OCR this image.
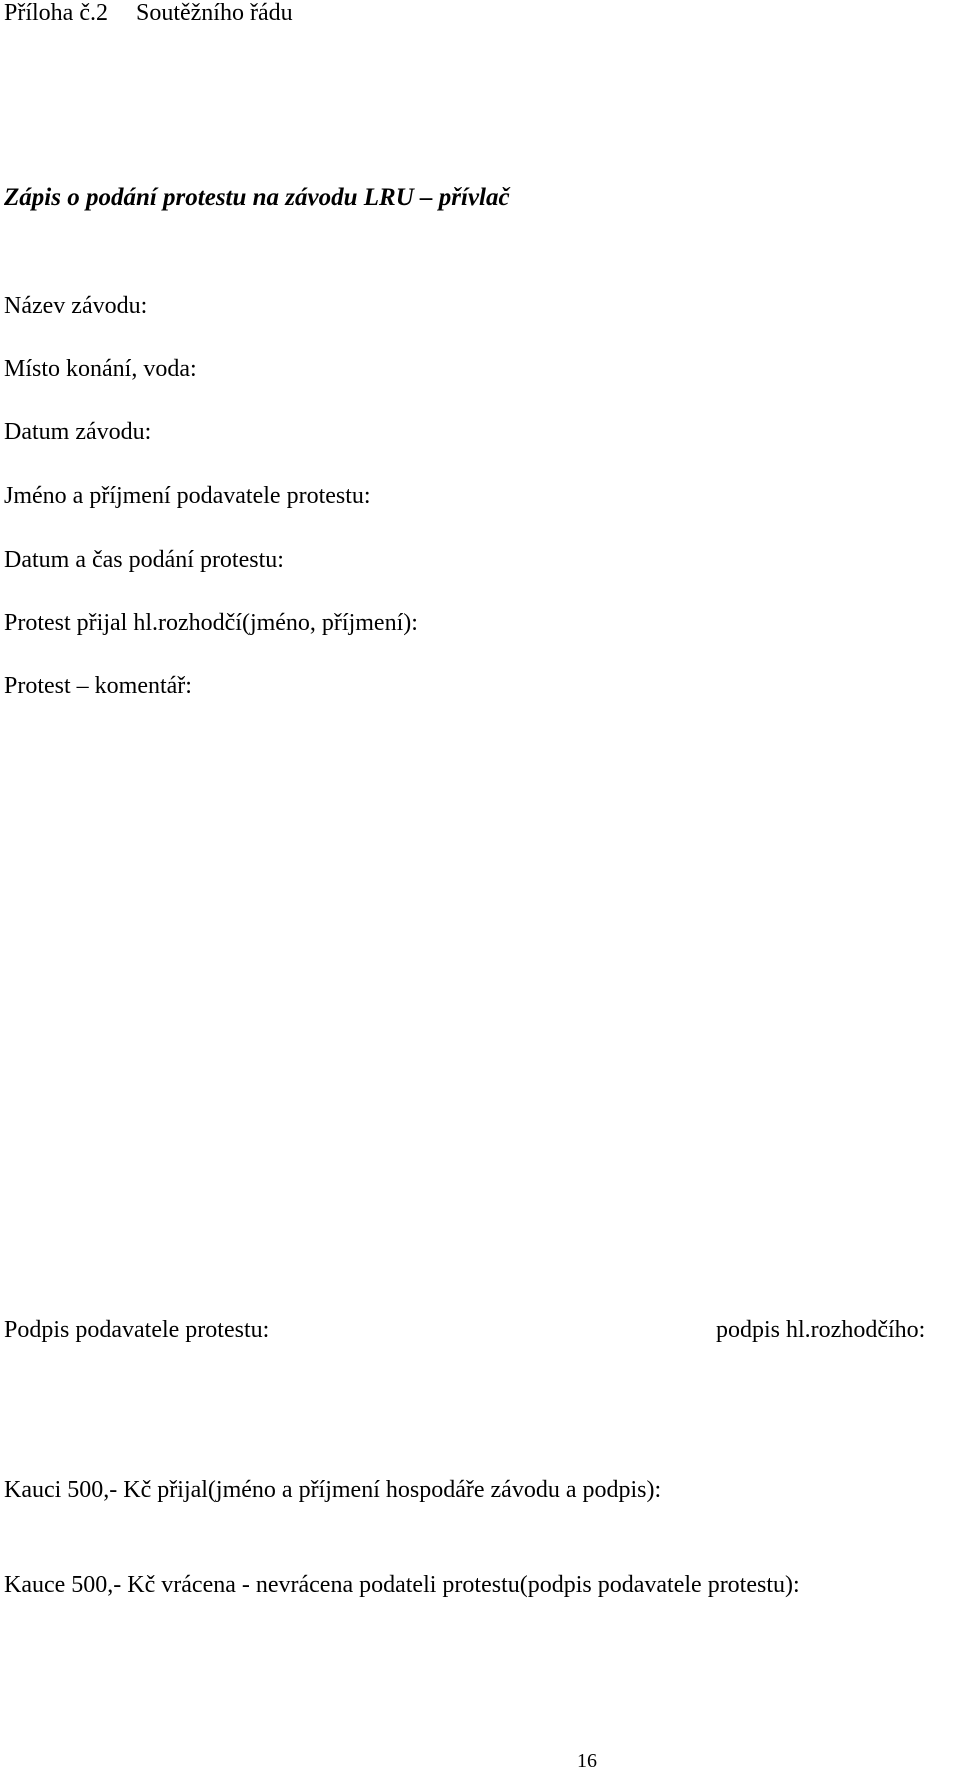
Příloha č.2 Soutěžního řádu
Zápis o podání protestu na závodu LRU – přívlač
Název závodu:
Místo konání, voda:
Datum závodu:
Jméno a příjmení podavatele protestu:
Datum a čas podání protestu:
Protest přijal hl.rozhodčí(jméno, příjmení):
Protest – komentář:
Podpis podavatele protestu:	podpis hl.rozhodčího:
Kauci 500,- Kč přijal(jméno a příjmení hospodáře závodu a podpis):
Kauce 500,- Kč vrácena - nevrácena podateli protestu(podpis podavatele protestu):
16
